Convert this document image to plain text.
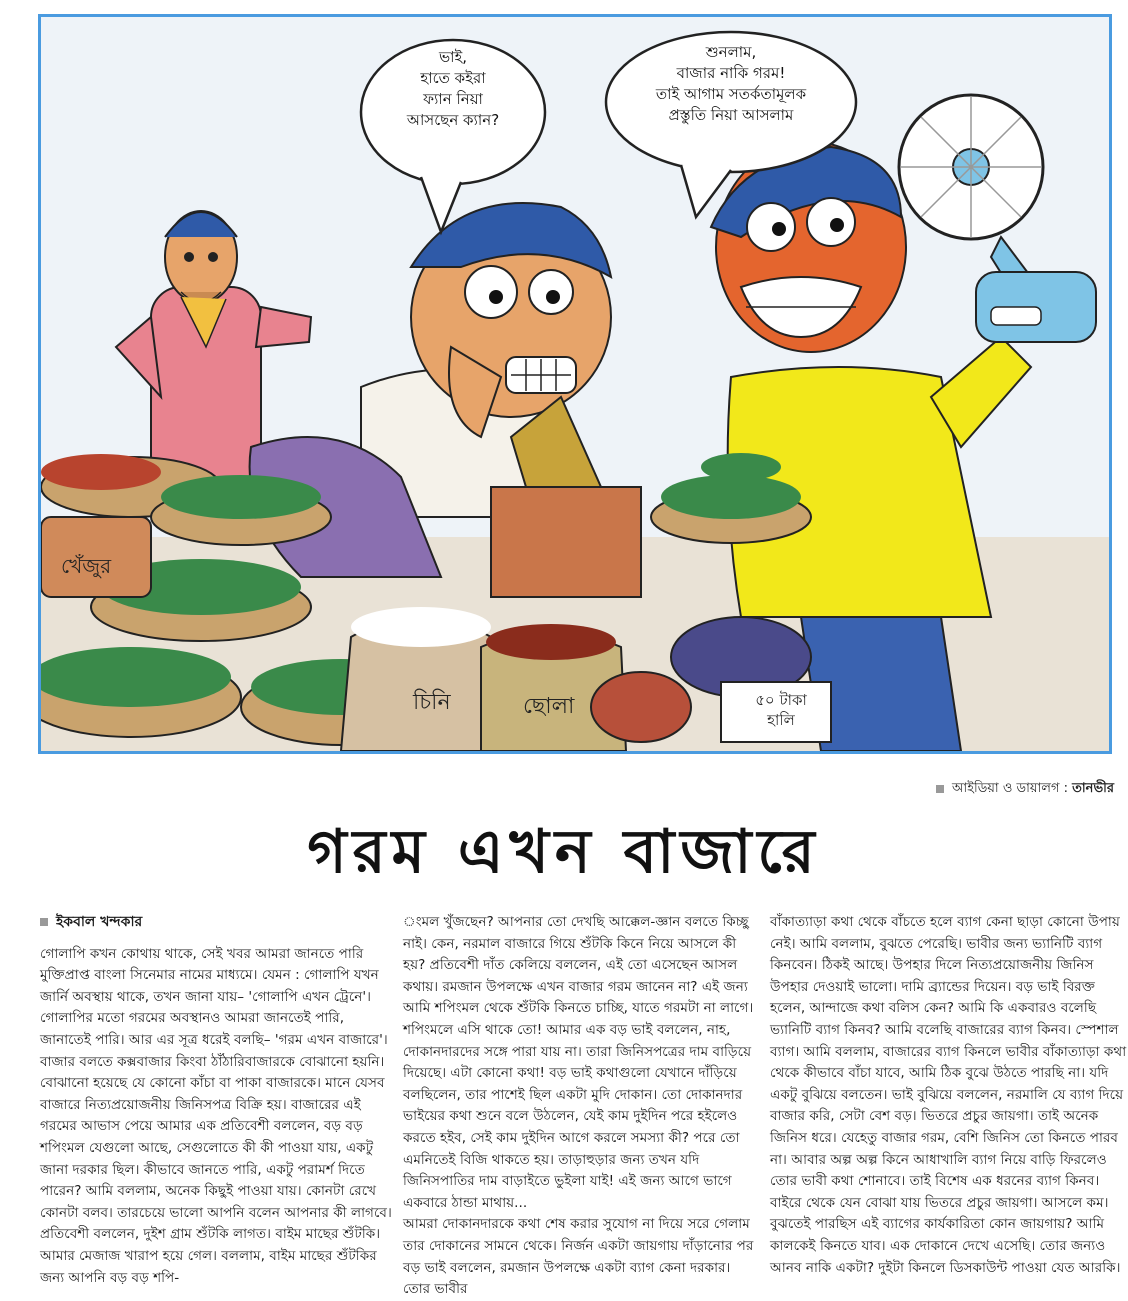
ভাই,
হাতে কইরা
ফ্যান নিয়া
আসছেন ক্যান?
শুনলাম,
বাজার নাকি গরম!
তাই আগাম সতর্কতামূলক
প্রস্তুতি নিয়া আসলাম
খেঁজুর
চিনি	ছোলা	৫০ টাকা
হালি
আইডিয়া ও ডায়ালগ : তানভীর
গরম এখন বাজারে
ইকবাল খন্দকার

গোলাপি কখন কোথায় থাকে, সেই খবর আমরা জানতে পারি মুক্তিপ্রাপ্ত বাংলা সিনেমার নামের মাধ্যমে। যেমন : গোলাপি যখন জার্নি অবস্থায় থাকে, তখন জানা যায়– 'গোলাপি এখন ট্রেনে'। গোলাপির মতো গরমের অবস্থানও আমরা জানতেই পারি, জানাতেই পারি। আর এর সূত্র ধরেই বলছি– 'গরম এখন বাজারে'। বাজার বলতে কক্সবাজার কিংবা ঠাঁঠারিবাজারকে বোঝানো হয়নি। বোঝানো হয়েছে যে কোনো কাঁচা বা পাকা বাজারকে। মানে যেসব বাজারে নিত্যপ্রয়োজনীয় জিনিসপত্র বিক্রি হয়। বাজারের এই গরমের আভাস পেয়ে আমার এক প্রতিবেশী বললেন, বড় বড় শপিংমল যেগুলো আছে, সেগুলোতে কী কী পাওয়া যায়, একটু জানা দরকার ছিল। কীভাবে জানতে পারি, একটু পরামর্শ দিতে পারেন? আমি বললাম, অনেক কিছুই পাওয়া যায়। কোনটা রেখে কোনটা বলব। তারচেয়ে ভালো আপনি বলেন আপনার কী লাগবে। প্রতিবেশী বললেন, দুইশ গ্রাম শুঁটকি লাগত। বাইম মাছের শুঁটকি। আমার মেজাজ খারাপ হয়ে গেল। বললাম, বাইম মাছের শুঁটকির জন্য আপনি বড় বড় শপি-

ংমল খুঁজছেন? আপনার তো দেখছি আক্কেল-জ্ঞান বলতে কিচ্ছু নাই। কেন, নরমাল বাজারে গিয়ে শুঁটকি কিনে নিয়ে আসলে কী হয়? প্রতিবেশী দাঁত কেলিয়ে বললেন, এই তো এসেছেন আসল কথায়। রমজান উপলক্ষে এখন বাজার গরম জানেন না? এই জন্য আমি শপিংমল থেকে শুঁটকি কিনতে চাচ্ছি, যাতে গরমটা না লাগে। শপিংমলে এসি থাকে তো! আমার এক বড় ভাই বললেন, নাহ, দোকানদারদের সঙ্গে পারা যায় না। তারা জিনিসপত্রের দাম বাড়িয়ে দিয়েছে। এটা কোনো কথা! বড় ভাই কথাগুলো যেখানে দাঁড়িয়ে বলছিলেন, তার পাশেই ছিল একটা মুদি দোকান। তো দোকানদার ভাইয়ের কথা শুনে বলে উঠলেন, যেই কাম দুইদিন পরে হইলেও করতে হইব, সেই কাম দুইদিন আগে করলে সমস্যা কী? পরে তো এমনিতেই বিজি থাকতে হয়। তাড়াহুড়ার জন্য তখন যদি জিনিসপাতির দাম বাড়াইতে ভুইলা যাই! এই জন্য আগে ভাগে একবারে ঠান্ডা মাথায়...
আমরা দোকানদারকে কথা শেষ করার সুযোগ না দিয়ে সরে গেলাম তার দোকানের সামনে থেকে। নির্জন একটা জায়গায় দাঁড়ানোর পর বড় ভাই বললেন, রমজান উপলক্ষে একটা ব্যাগ কেনা দরকার। তোর ভাবীর

বাঁকাত্যাড়া কথা থেকে বাঁচতে হলে ব্যাগ কেনা ছাড়া কোনো উপায় নেই। আমি বললাম, বুঝতে পেরেছি। ভাবীর জন্য ভ্যানিটি ব্যাগ কিনবেন। ঠিকই আছে। উপহার দিলে নিত্যপ্রয়োজনীয় জিনিস উপহার দেওয়াই ভালো। দামি ব্র্যান্ডের দিয়েন। বড় ভাই বিরক্ত হলেন, আন্দাজে কথা বলিস কেন? আমি কি একবারও বলেছি ভ্যানিটি ব্যাগ কিনব? আমি বলেছি বাজারের ব্যাগ কিনব। স্পেশাল ব্যাগ। আমি বললাম, বাজারের ব্যাগ কিনলে ভাবীর বাঁকাত্যাড়া কথা থেকে কীভাবে বাঁচা যাবে, আমি ঠিক বুঝে উঠতে পারছি না। যদি একটু বুঝিয়ে বলতেন। ভাই বুঝিয়ে বললেন, নরমালি যে ব্যাগ দিয়ে বাজার করি, সেটা বেশ বড়। ভিতরে প্রচুর জায়গা। তাই অনেক জিনিস ধরে। যেহেতু বাজার গরম, বেশি জিনিস তো কিনতে পারব না। আবার অল্প অল্প কিনে আধাখালি ব্যাগ নিয়ে বাড়ি ফিরলেও তোর ভাবী কথা শোনাবে। তাই বিশেষ এক ধরনের ব্যাগ কিনব। বাইরে থেকে যেন বোঝা যায় ভিতরে প্রচুর জায়গা। আসলে কম। বুঝতেই পারছিস এই ব্যাগের কার্যকারিতা কোন জায়গায়? আমি কালকেই কিনতে যাব। এক দোকানে দেখে এসেছি। তোর জন্যও আনব নাকি একটা? দুইটা কিনলে ডিসকাউন্ট পাওয়া যেত আরকি।
